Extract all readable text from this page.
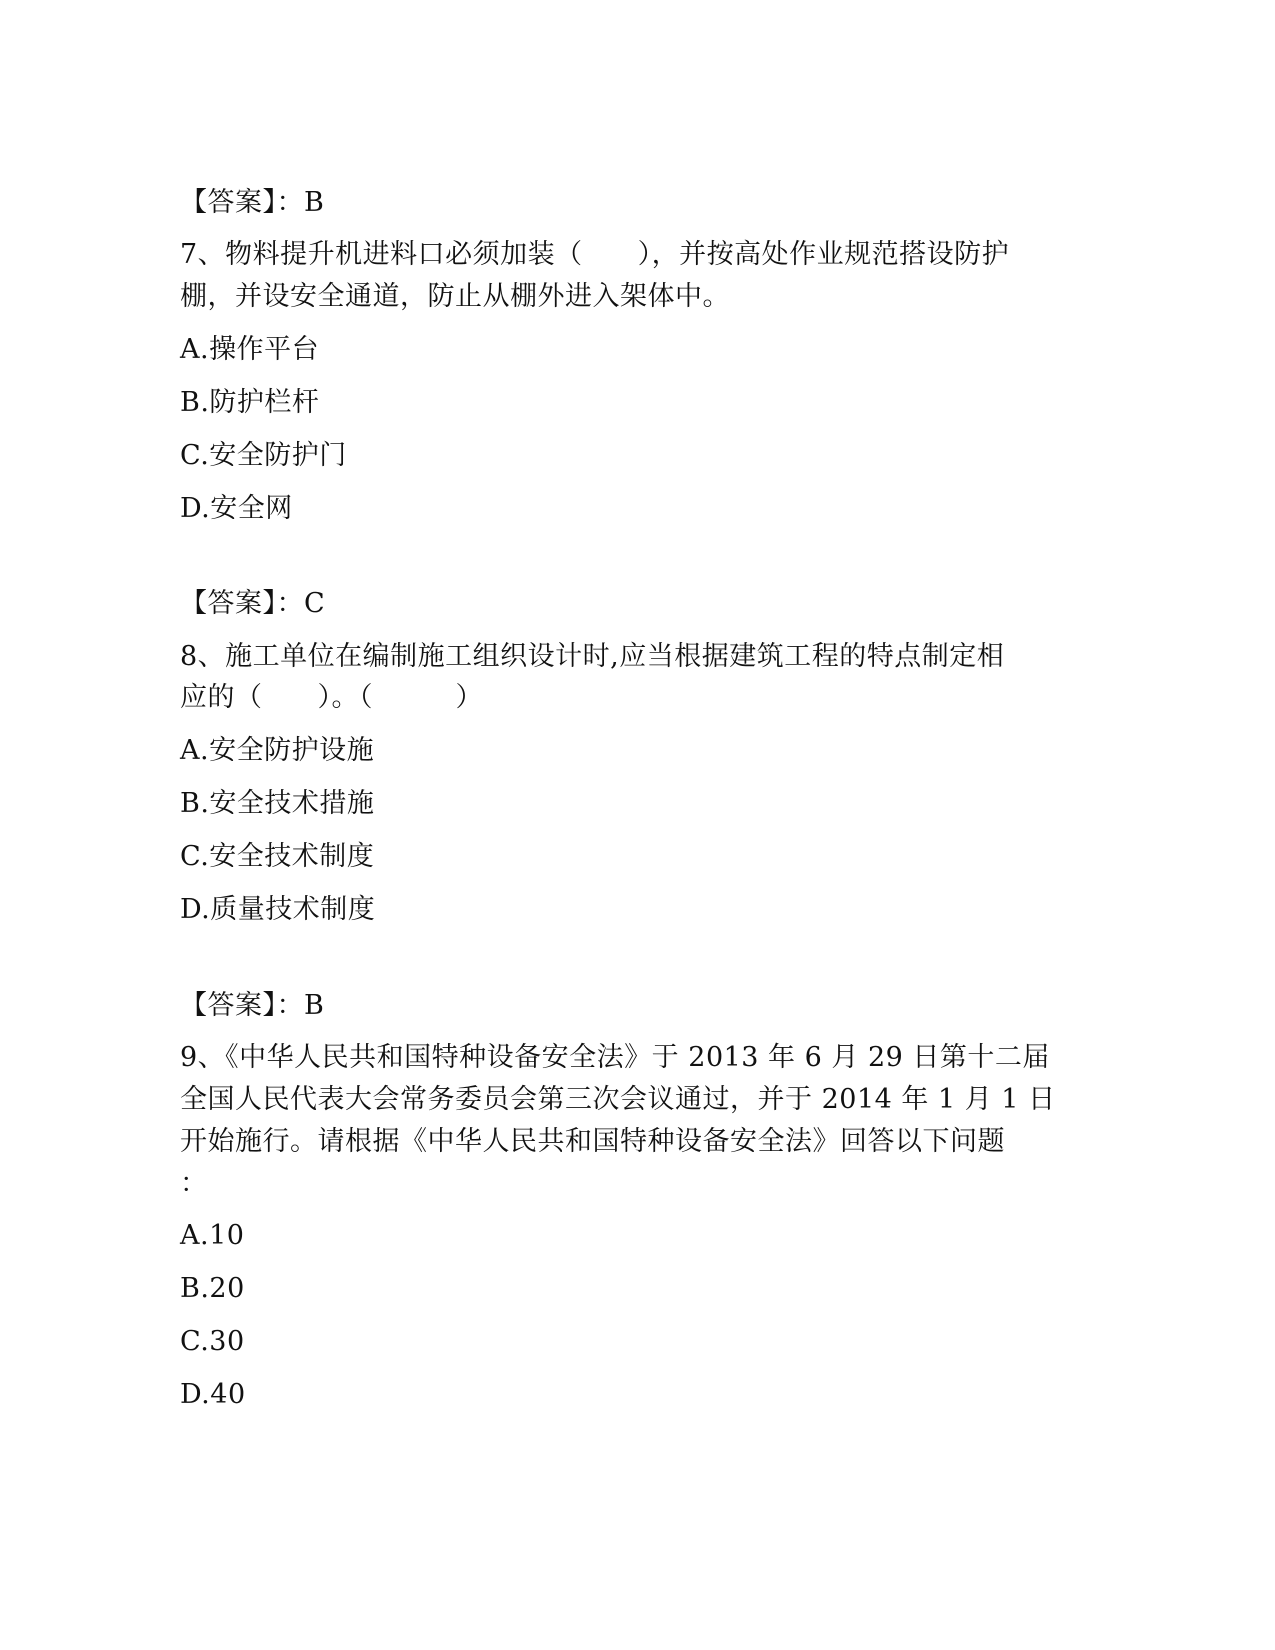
【答案】：B
7、物料提升机进料口必须加装（　　），并按高处作业规范搭设防护
棚，并设安全通道，防止从棚外进入架体中。
A.操作平台
B.防护栏杆
C.安全防护门
D.安全网
【答案】：C
8、施工单位在编制施工组织设计时,应当根据建筑工程的特点制定相
应的（　　）。（　　　）
A.安全防护设施
B.安全技术措施
C.安全技术制度
D.质量技术制度
【答案】：B
9、《中华人民共和国特种设备安全法》于 2013 年 6 月 29 日第十二届
全国人民代表大会常务委员会第三次会议通过，并于 2014 年 1 月 1 日
开始施行。请根据《中华人民共和国特种设备安全法》回答以下问题
：
A.10
B.20
C.30
D.40
